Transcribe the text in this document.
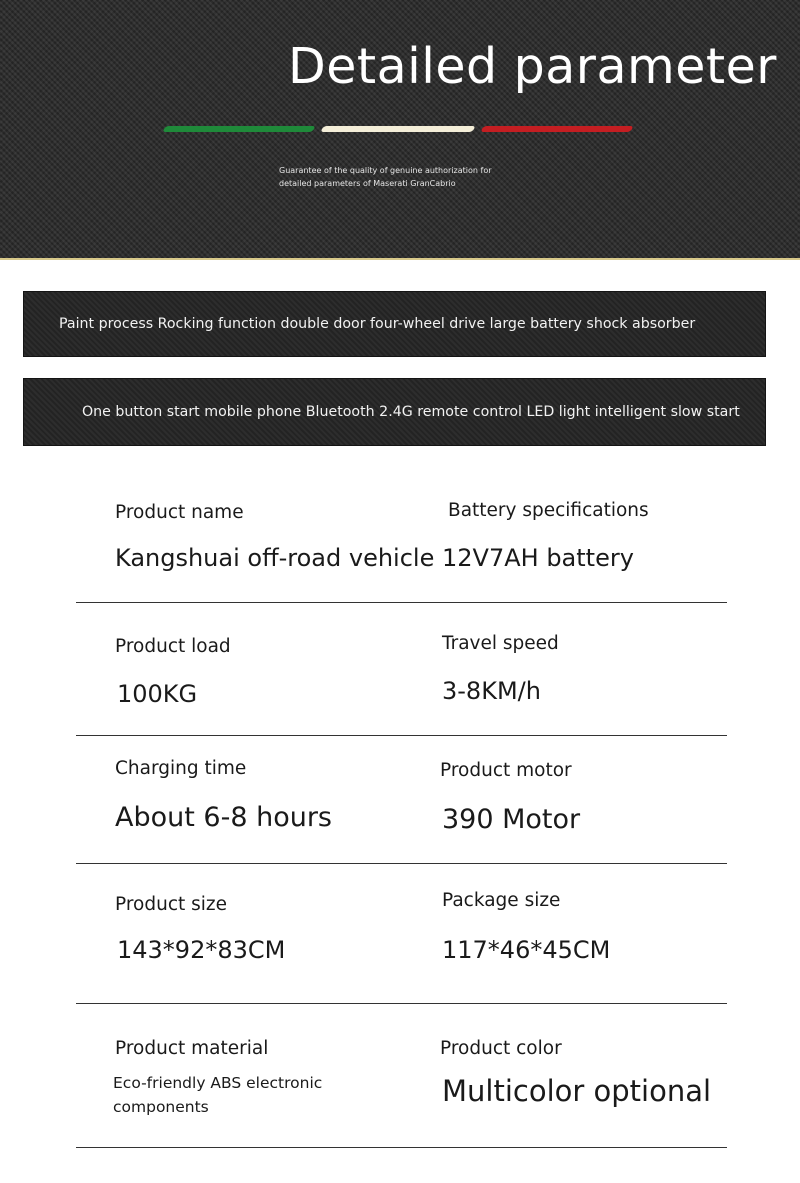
Detailed parameter
Guarantee of the quality of genuine authorization for
detailed parameters of Maserati GranCabrio
Paint process Rocking function double door four-wheel drive large battery shock absorber
One button start mobile phone Bluetooth 2.4G remote control LED light intelligent slow start
Product name
Kangshuai off-road vehicle
Battery specifications
12V7AH battery
Product load
100KG
Travel speed
3-8KM/h
Charging time
About 6-8 hours
Product motor
390 Motor
Product size
143*92*83CM
Package size
117*46*45CM
Product material
Eco-friendly ABS electronic components
Product color
Multicolor optional
